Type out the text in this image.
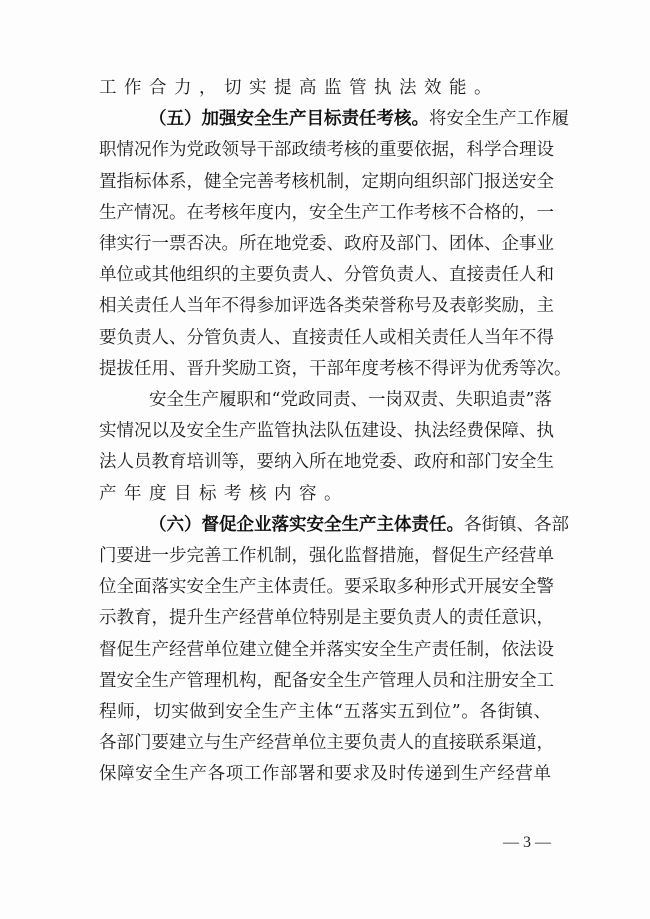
工作合力，切实提高监管执法效能。
（五）加强安全生产目标责任考核。将安全生产工作履
职情况作为党政领导干部政绩考核的重要依据，科学合理设
置指标体系，健全完善考核机制，定期向组织部门报送安全
生产情况。在考核年度内，安全生产工作考核不合格的，一
律实行一票否决。所在地党委、政府及部门、团体、企事业
单位或其他组织的主要负责人、分管负责人、直接责任人和
相关责任人当年不得参加评选各类荣誉称号及表彰奖励，主
要负责人、分管负责人、直接责任人或相关责任人当年不得
提拔任用、晋升奖励工资，干部年度考核不得评为优秀等次。
安全生产履职和“党政同责、一岗双责、失职追责”落
实情况以及安全生产监管执法队伍建设、执法经费保障、执
法人员教育培训等，要纳入所在地党委、政府和部门安全生
产年度目标考核内容。
（六）督促企业落实安全生产主体责任。各街镇、各部
门要进一步完善工作机制，强化监督措施，督促生产经营单
位全面落实安全生产主体责任。要采取多种形式开展安全警
示教育，提升生产经营单位特别是主要负责人的责任意识，
督促生产经营单位建立健全并落实安全生产责任制，依法设
置安全生产管理机构，配备安全生产管理人员和注册安全工
程师，切实做到安全生产主体“五落实五到位”。各街镇、
各部门要建立与生产经营单位主要负责人的直接联系渠道，
保障安全生产各项工作部署和要求及时传递到生产经营单
— 3 —
